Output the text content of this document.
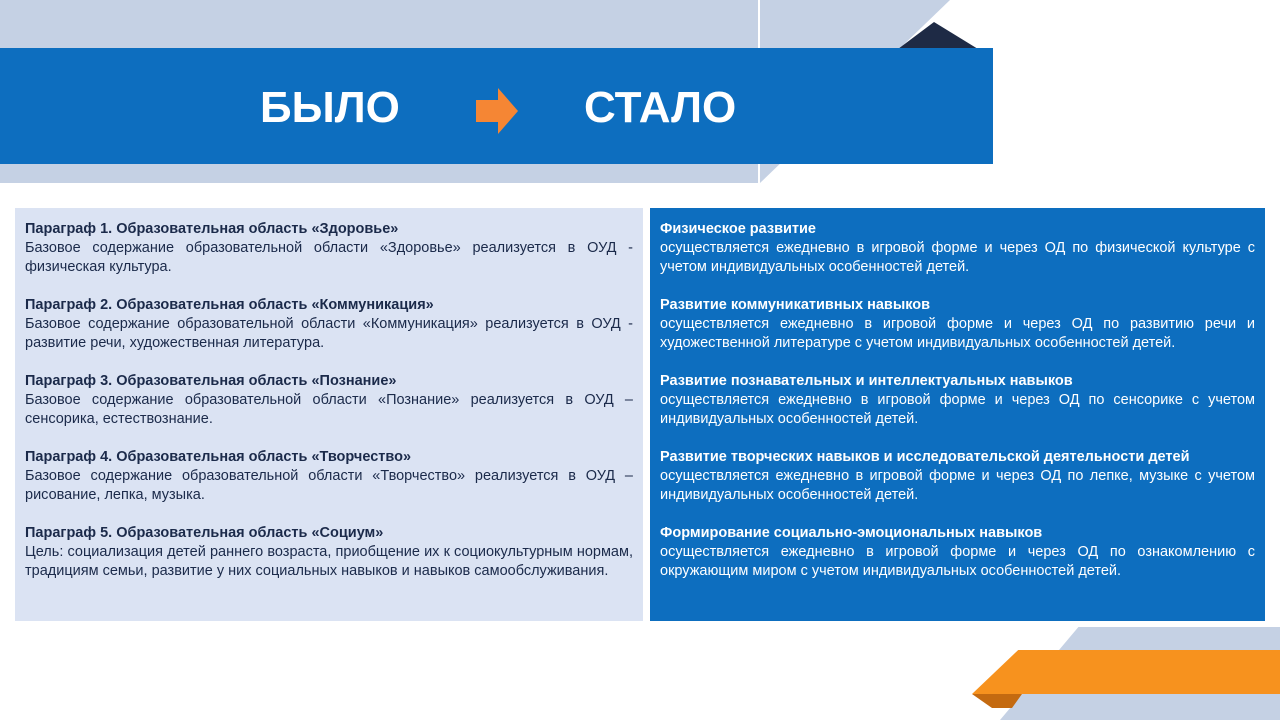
БЫЛО	СТАЛО
Параграф 1. Образовательная область «Здоровье»
Базовое содержание образовательной области «Здоровье» реализуется в ОУД - физическая культура.
Параграф 2. Образовательная область «Коммуникация»
Базовое содержание образовательной области «Коммуникация» реализуется в ОУД - развитие речи, художественная литература.
Параграф 3. Образовательная область «Познание»
Базовое содержание образовательной области «Познание» реализуется в ОУД – сенсорика, естествознание.
Параграф 4. Образовательная область «Творчество»
Базовое содержание образовательной области «Творчество» реализуется в ОУД – рисование, лепка, музыка.
Параграф 5. Образовательная область «Социум»
Цель: социализация детей раннего возраста, приобщение их к социокультурным нормам, традициям семьи, развитие у них социальных навыков и навыков самообслуживания.
Физическое развитие
осуществляется ежедневно в игровой форме и через ОД по физической культуре с учетом индивидуальных особенностей детей.
Развитие коммуникативных навыков
осуществляется ежедневно в игровой форме и через ОД по развитию речи и художественной литературе с учетом индивидуальных особенностей детей.
Развитие познавательных и интеллектуальных навыков
осуществляется ежедневно в игровой форме и через ОД по сенсорике с учетом индивидуальных особенностей детей.
Развитие творческих навыков и исследовательской деятельности детей
осуществляется ежедневно в игровой форме и через ОД по лепке, музыке с учетом индивидуальных особенностей детей.
Формирование социально-эмоциональных навыков
осуществляется ежедневно в игровой форме и через ОД по ознакомлению с окружающим миром с учетом индивидуальных особенностей детей.
